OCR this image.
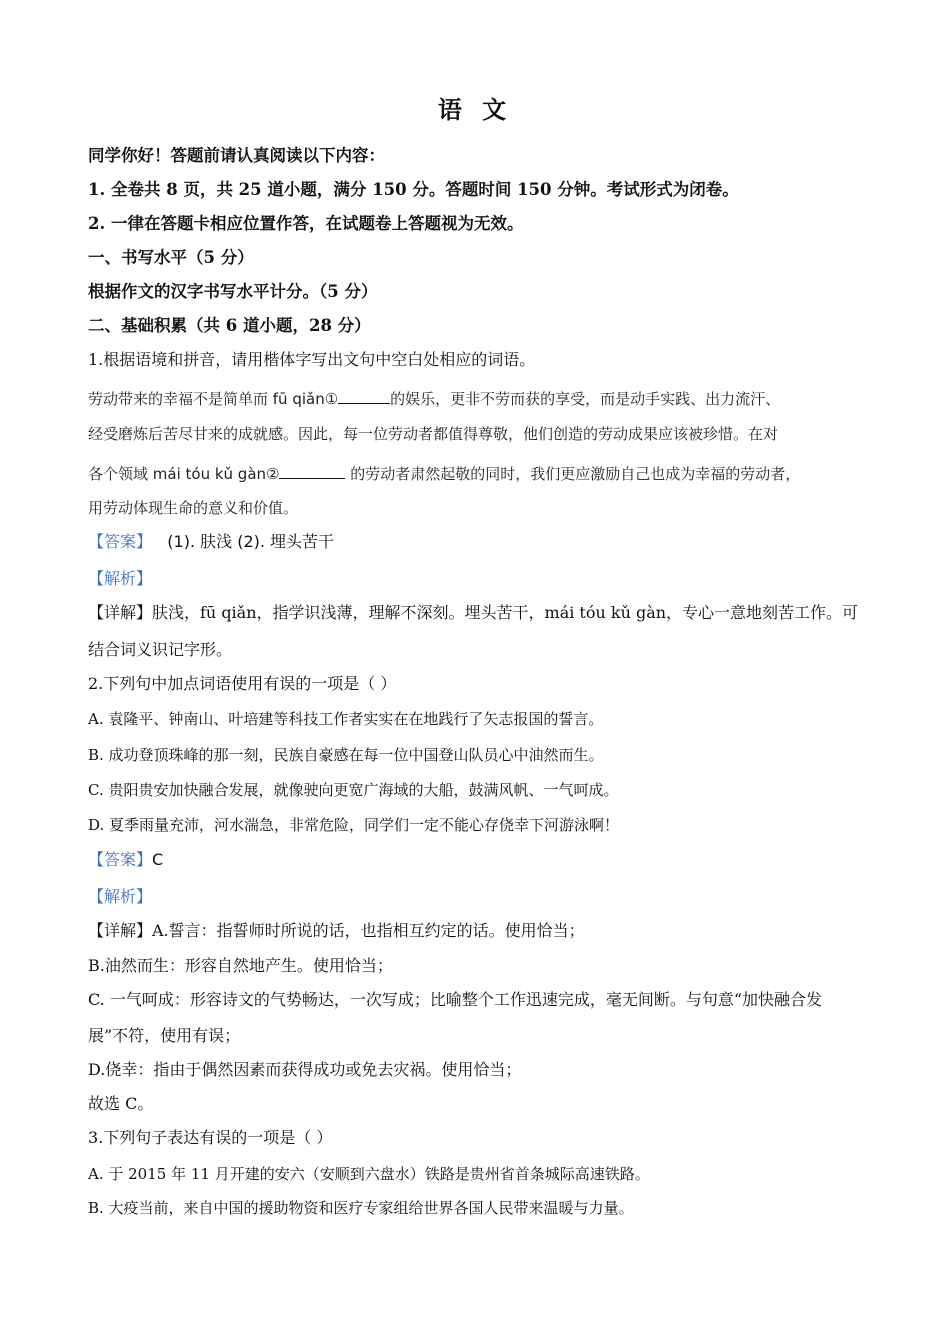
语 文
同学你好！答题前请认真阅读以下内容：
1. 全卷共 8 页，共 25 道小题，满分 150 分。答题时间 150 分钟。考试形式为闭卷。
2. 一律在答题卡相应位置作答，在试题卷上答题视为无效。
一、书写水平（5 分）
根据作文的汉字书写水平计分。（5 分）
二、基础积累（共 6 道小题，28 分）
1.根据语境和拼音，请用楷体字写出文句中空白处相应的词语。
劳动带来的幸福不是简单而 fū qiǎn①	的娱乐，更非不劳而获的享受，而是动手实践、出力流汗、
经受磨炼后苦尽甘来的成就感。因此，每一位劳动者都值得尊敬，他们创造的劳动成果应该被珍惜。在对
各个领域 mái tóu kǔ gàn②	的劳动者肃然起敬的同时，我们更应激励自己也成为幸福的劳动者，
用劳动体现生命的意义和价值。
【答案】 (1). 肤浅 (2). 埋头苦干
【解析】
【详解】肤浅，fū qiǎn，指学识浅薄，理解不深刻。埋头苦干，mái tóu kǔ gàn，专心一意地刻苦工作。可
结合词义识记字形。
2.下列句中加点词语使用有误的一项是（ ）
A. 袁隆平、钟南山、叶培建等科技工作者实实在在地践行了矢志报国的誓言。
B. 成功登顶珠峰的那一刻，民族自豪感在每一位中国登山队员心中油然而生。
C. 贵阳贵安加快融合发展，就像驶向更宽广海域的大船，鼓满风帆、一气呵成。
D. 夏季雨量充沛，河水湍急，非常危险，同学们一定不能心存侥幸下河游泳啊！
【答案】C
【解析】
【详解】A.誓言：指誓师时所说的话，也指相互约定的话。使用恰当；
B.油然而生：形容自然地产生。使用恰当；
C. 一气呵成：形容诗文的气势畅达，一次写成；比喻整个工作迅速完成，毫无间断。与句意“加快融合发
展”不符，使用有误；
D.侥幸：指由于偶然因素而获得成功或免去灾祸。使用恰当；
故选 C。
3.下列句子表达有误的一项是（ ）
A. 于 2015 年 11 月开建的安六（安顺到六盘水）铁路是贵州省首条城际高速铁路。
B. 大疫当前，来自中国的援助物资和医疗专家组给世界各国人民带来温暖与力量。
